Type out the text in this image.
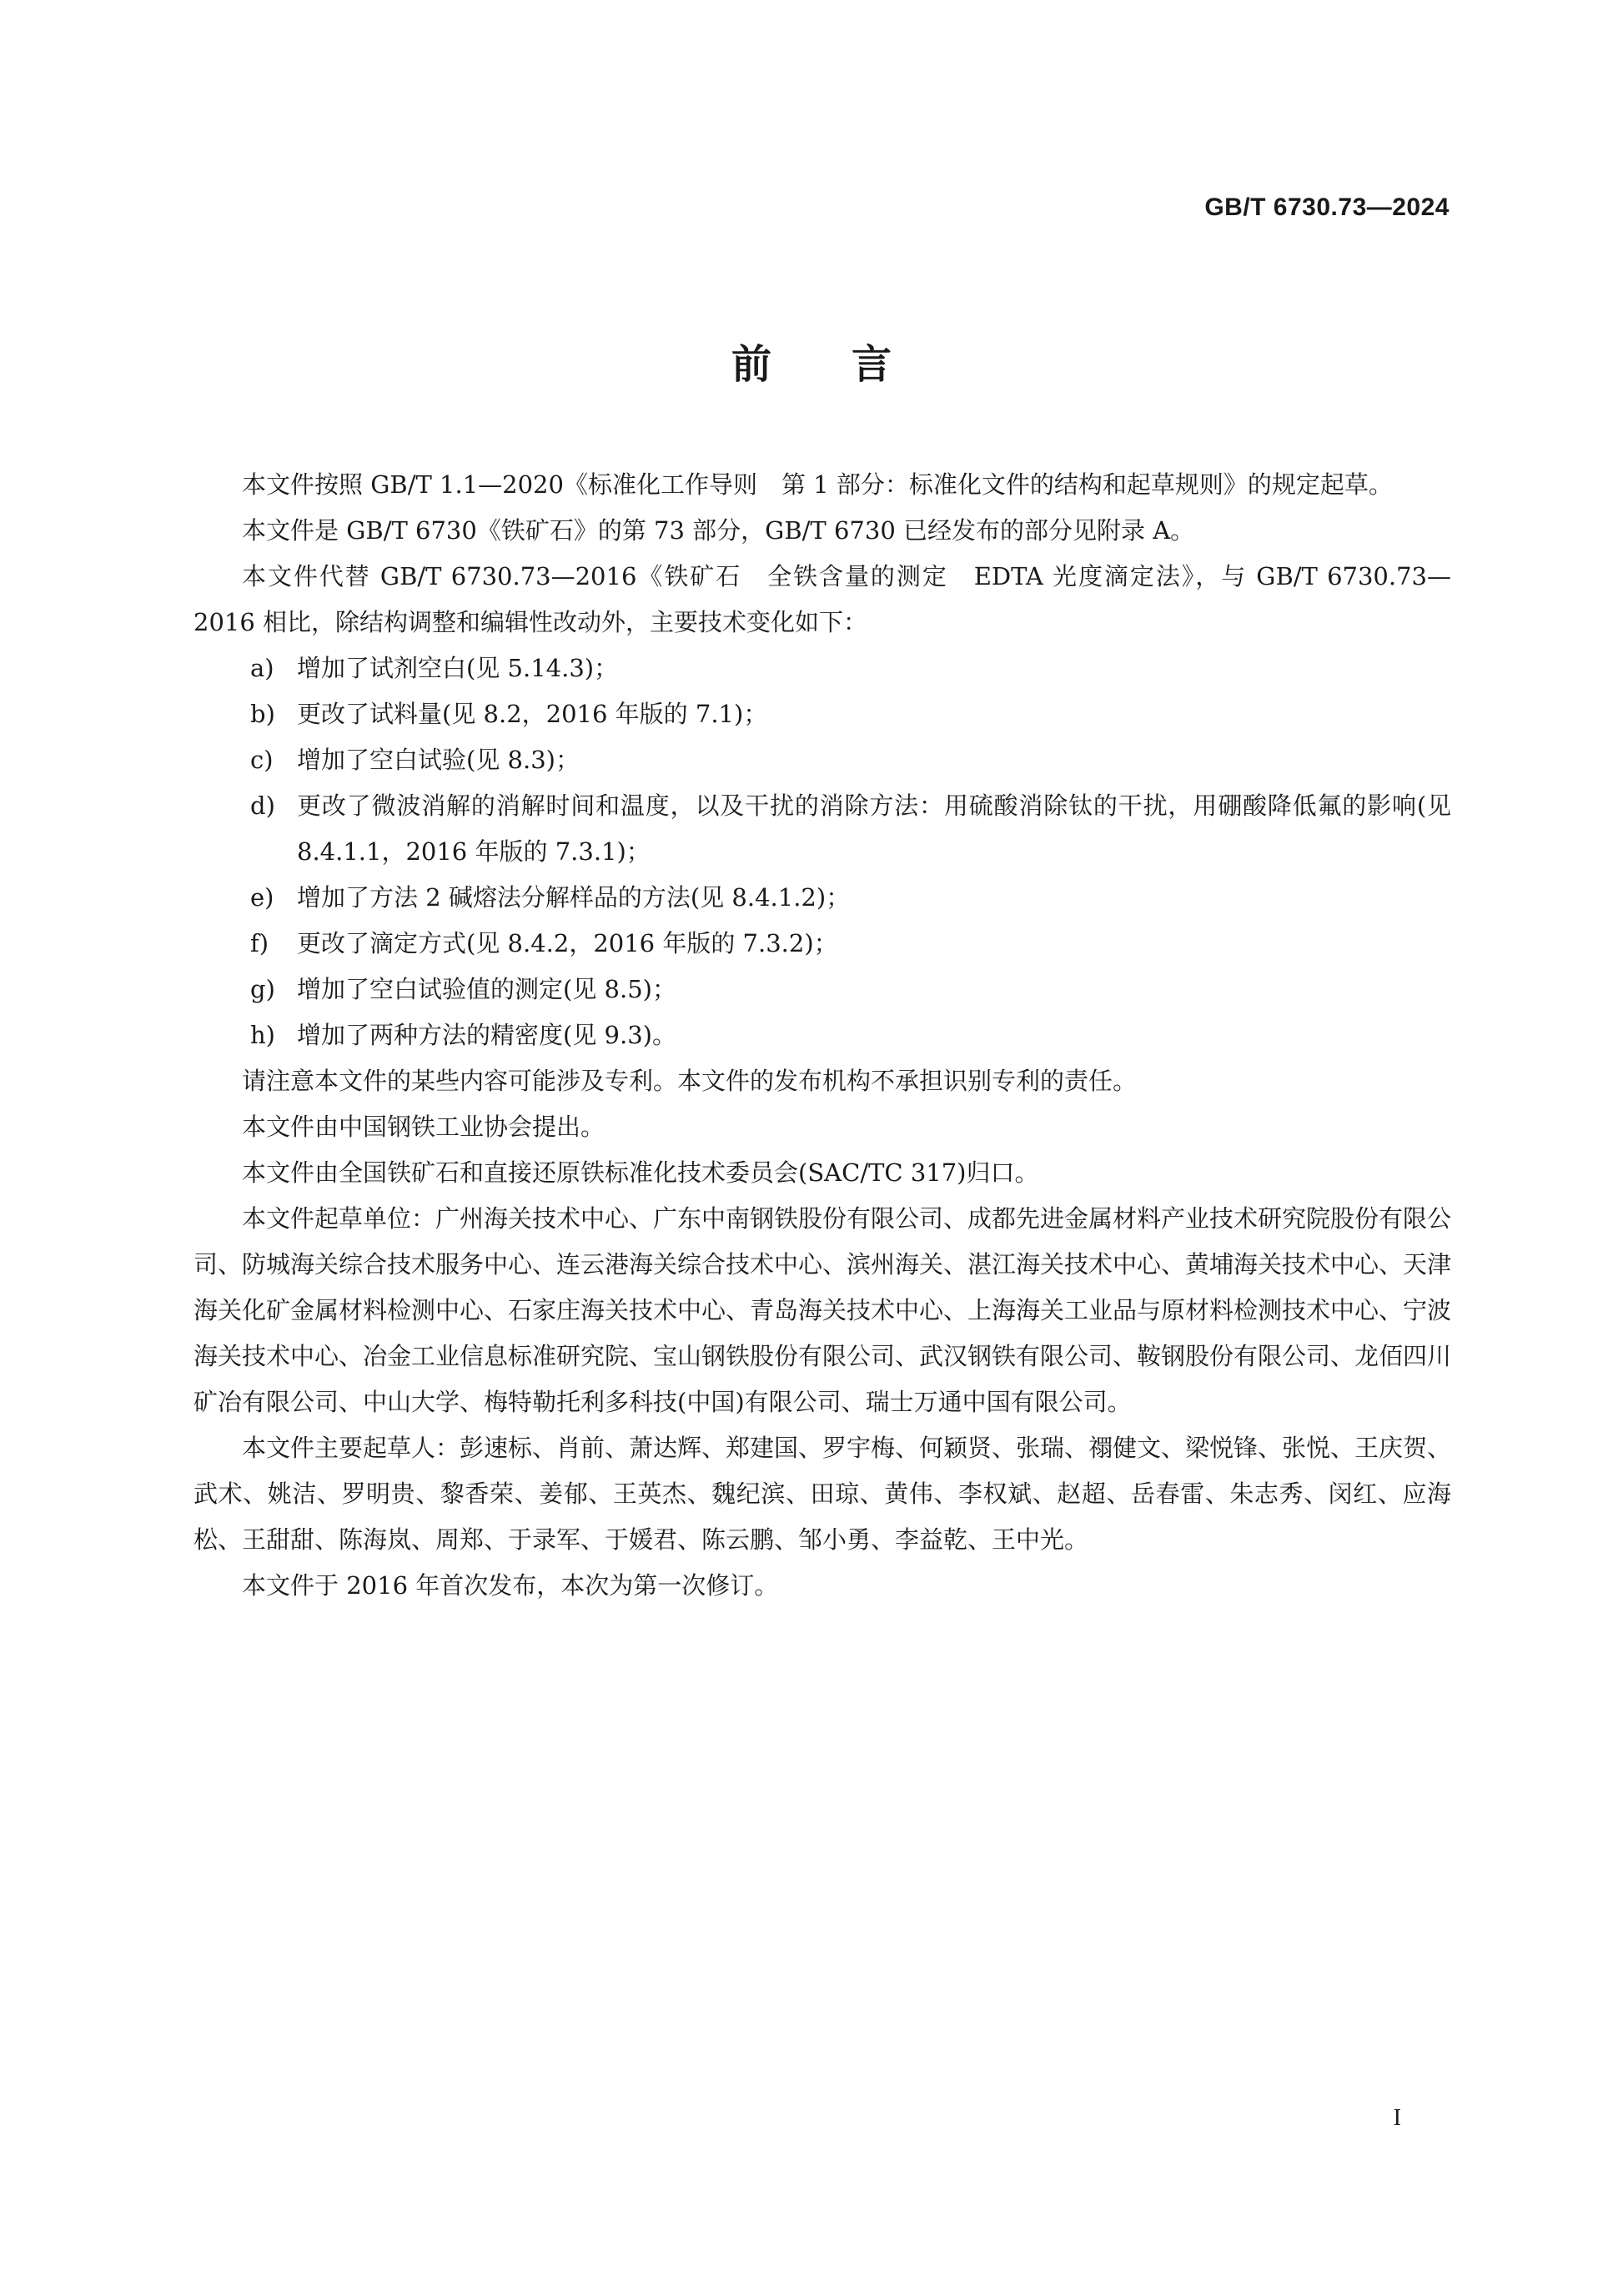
GB/T 6730.73—2024
前言

本文件按照 GB/T 1.1—2020《标准化工作导则　第 1 部分：标准化文件的结构和起草规则》的规定起草。

本文件是 GB/T 6730《铁矿石》的第 73 部分，GB/T 6730 已经发布的部分见附录 A。

本文件代替 GB/T 6730.73—2016《铁矿石　全铁含量的测定　EDTA 光度滴定法》，与 GB/T 6730.73—2016 相比，除结构调整和编辑性改动外，主要技术变化如下：

a) 增加了试剂空白(见 5.14.3)；
b) 更改了试料量(见 8.2，2016 年版的 7.1)；
c) 增加了空白试验(见 8.3)；
d) 更改了微波消解的消解时间和温度，以及干扰的消除方法：用硫酸消除钛的干扰，用硼酸降低氟的影响(见 8.4.1.1，2016 年版的 7.3.1)；
e) 增加了方法 2 碱熔法分解样品的方法(见 8.4.1.2)；
f) 更改了滴定方式(见 8.4.2，2016 年版的 7.3.2)；
g) 增加了空白试验值的测定(见 8.5)；
h) 增加了两种方法的精密度(见 9.3)。

请注意本文件的某些内容可能涉及专利。本文件的发布机构不承担识别专利的责任。

本文件由中国钢铁工业协会提出。

本文件由全国铁矿石和直接还原铁标准化技术委员会(SAC/TC 317)归口。

本文件起草单位：广州海关技术中心、广东中南钢铁股份有限公司、成都先进金属材料产业技术研究院股份有限公司、防城海关综合技术服务中心、连云港海关综合技术中心、滨州海关、湛江海关技术中心、黄埔海关技术中心、天津海关化矿金属材料检测中心、石家庄海关技术中心、青岛海关技术中心、上海海关工业品与原材料检测技术中心、宁波海关技术中心、冶金工业信息标准研究院、宝山钢铁股份有限公司、武汉钢铁有限公司、鞍钢股份有限公司、龙佰四川矿冶有限公司、中山大学、梅特勒托利多科技(中国)有限公司、瑞士万通中国有限公司。

本文件主要起草人：彭速标、肖前、萧达辉、郑建国、罗宇梅、何颖贤、张瑞、禤健文、梁悦锋、张悦、王庆贺、武术、姚洁、罗明贵、黎香荣、姜郁、王英杰、魏纪滨、田琼、黄伟、李权斌、赵超、岳春雷、朱志秀、闵红、应海松、王甜甜、陈海岚、周郑、于录军、于媛君、陈云鹏、邹小勇、李益乾、王中光。

本文件于 2016 年首次发布，本次为第一次修订。

I
